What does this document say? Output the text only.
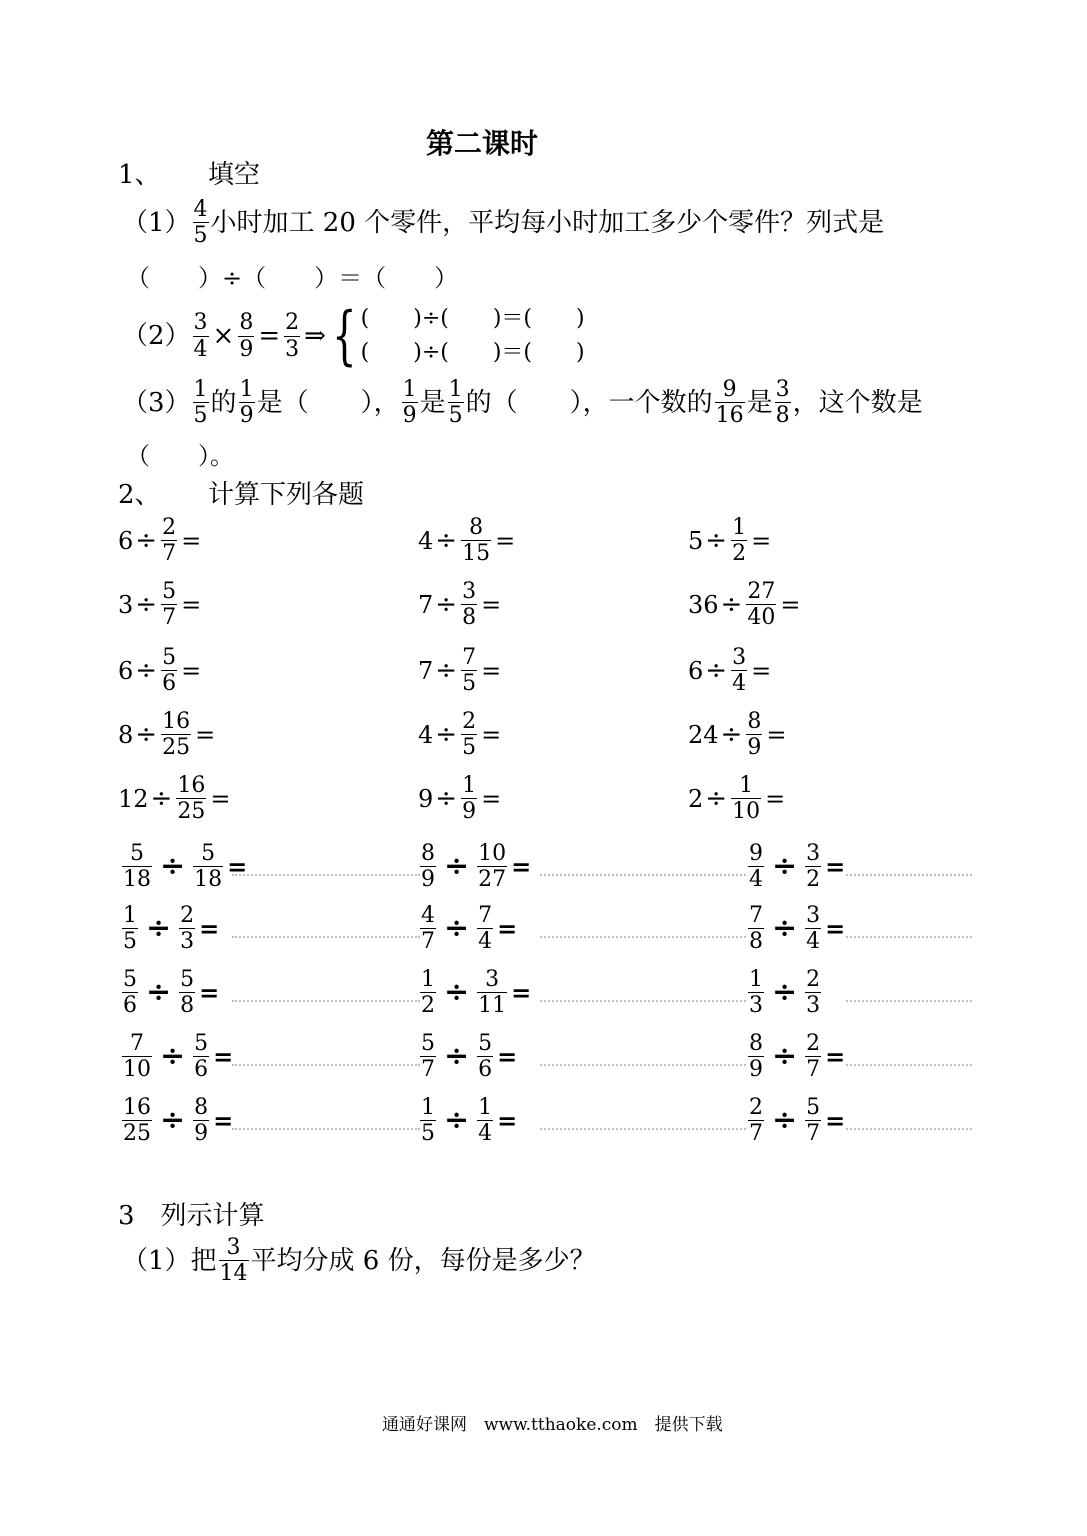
第二课时
1、 填空
$(1) \frac{4}{5}$ 小时加工 20 个零件，平均每小时加工多少个零件？列式是
（　　）÷（　　）＝（　　）
$(2) \frac{3}{4} \times \frac{8}{9} = \frac{2}{3}$ ⇒ { (　　)÷(　　)＝(　　)
(　　)÷(　　)＝(　　)
$(3) \frac{1}{5}$ 的 $\frac{1}{9}$ 是（　　）， $\frac{1}{9}$ 是 $\frac{1}{5}$ 的（　　），一个数的 $\frac{9}{16}$ 是 $\frac{3}{8}$ ，这个数是
（　　）。
2、 计算下列各题
$6 \div \frac{2}{7}$ =	$4 \div \frac{8}{15}$ =	$5 \div \frac{1}{2}$ =
$3 \div \frac{5}{7}$ =	$7 \div \frac{3}{8}$ =	$36 \div \frac{27}{40}$ =
$6 \div \frac{5}{6}$ =	$7 \div \frac{7}{5}$ =	$6 \div \frac{3}{4}$ =
$8 \div \frac{16}{25}$ =	$4 \div \frac{2}{5}$ =	$24 \div \frac{8}{9}$ =
$12 \div \frac{16}{25}$ =	$9 \div \frac{1}{9}$ =	$2 \div \frac{1}{10}$ =
$\frac{5}{18} \div \frac{5}{18}$ =	$\frac{8}{9} \div \frac{10}{27}$ =	$\frac{9}{4} \div \frac{3}{2}$ =
$\frac{1}{5} \div \frac{2}{3}$ =	$\frac{4}{7} \div \frac{7}{4}$ =	$\frac{7}{8} \div \frac{3}{4}$ =
$\frac{5}{6} \div \frac{5}{8}$ =	$\frac{1}{2} \div \frac{3}{11}$ =	$\frac{1}{3} \div \frac{2}{3}$
$\frac{7}{10} \div \frac{5}{6}$ =	$\frac{5}{7} \div \frac{5}{6}$ =	$\frac{8}{9} \div \frac{2}{7}$ =
$\frac{16}{25} \div \frac{8}{9}$ =	$\frac{1}{5} \div \frac{1}{4}$ =	$\frac{2}{7} \div \frac{5}{7}$ =
3　列示计算
（1）把 $\frac{3}{14}$ 平均分成 6 份，每份是多少？
通通好课网　www.tthaoke.com　提供下载
